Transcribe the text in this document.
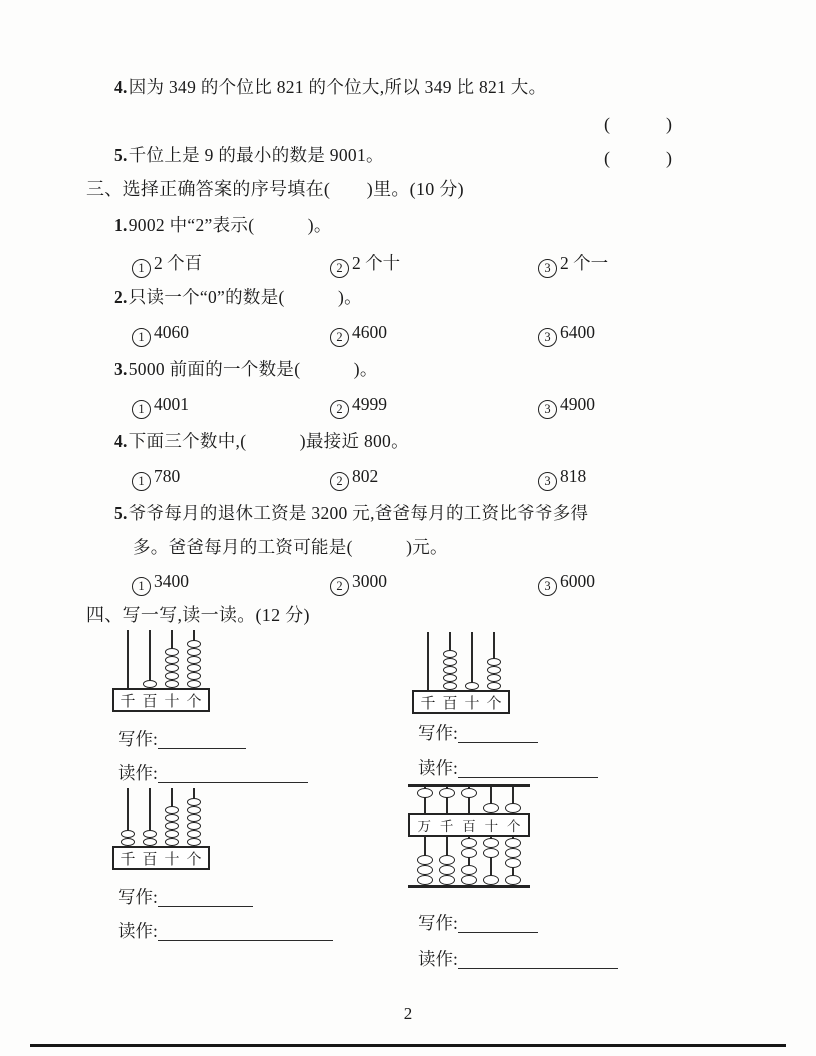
4.因为 349 的个位比 821 的个位大,所以 349 比 821 大。
(　　　)
5.千位上是 9 的最小的数是 9001。	(　　　)
三、选择正确答案的序号填在(　　)里。(10 分)
1.9002 中“2”表示(　　　)。
1 2 个百	2 2 个十	3 2 个一
2.只读一个“0”的数是(　　　)。
1 4060	2 4600	3 6400
3.5000 前面的一个数是(　　　)。
1 4001	2 4999	3 4900
4.下面三个数中,(　　　)最接近 800。
1 780	2 802	3 818
5.爷爷每月的退休工资是 3200 元,爸爸每月的工资比爷爷多得
多。爸爸每月的工资可能是(　　　)元。
1 3400	2 3000	3 6000
四、写一写,读一读。(12 分)
千 百 十 个
写作:
读作:
千 百 十 个
写作:
读作:
千 百 十 个
写作:
读作:
万 千 百 十 个
写作:
读作:
2
